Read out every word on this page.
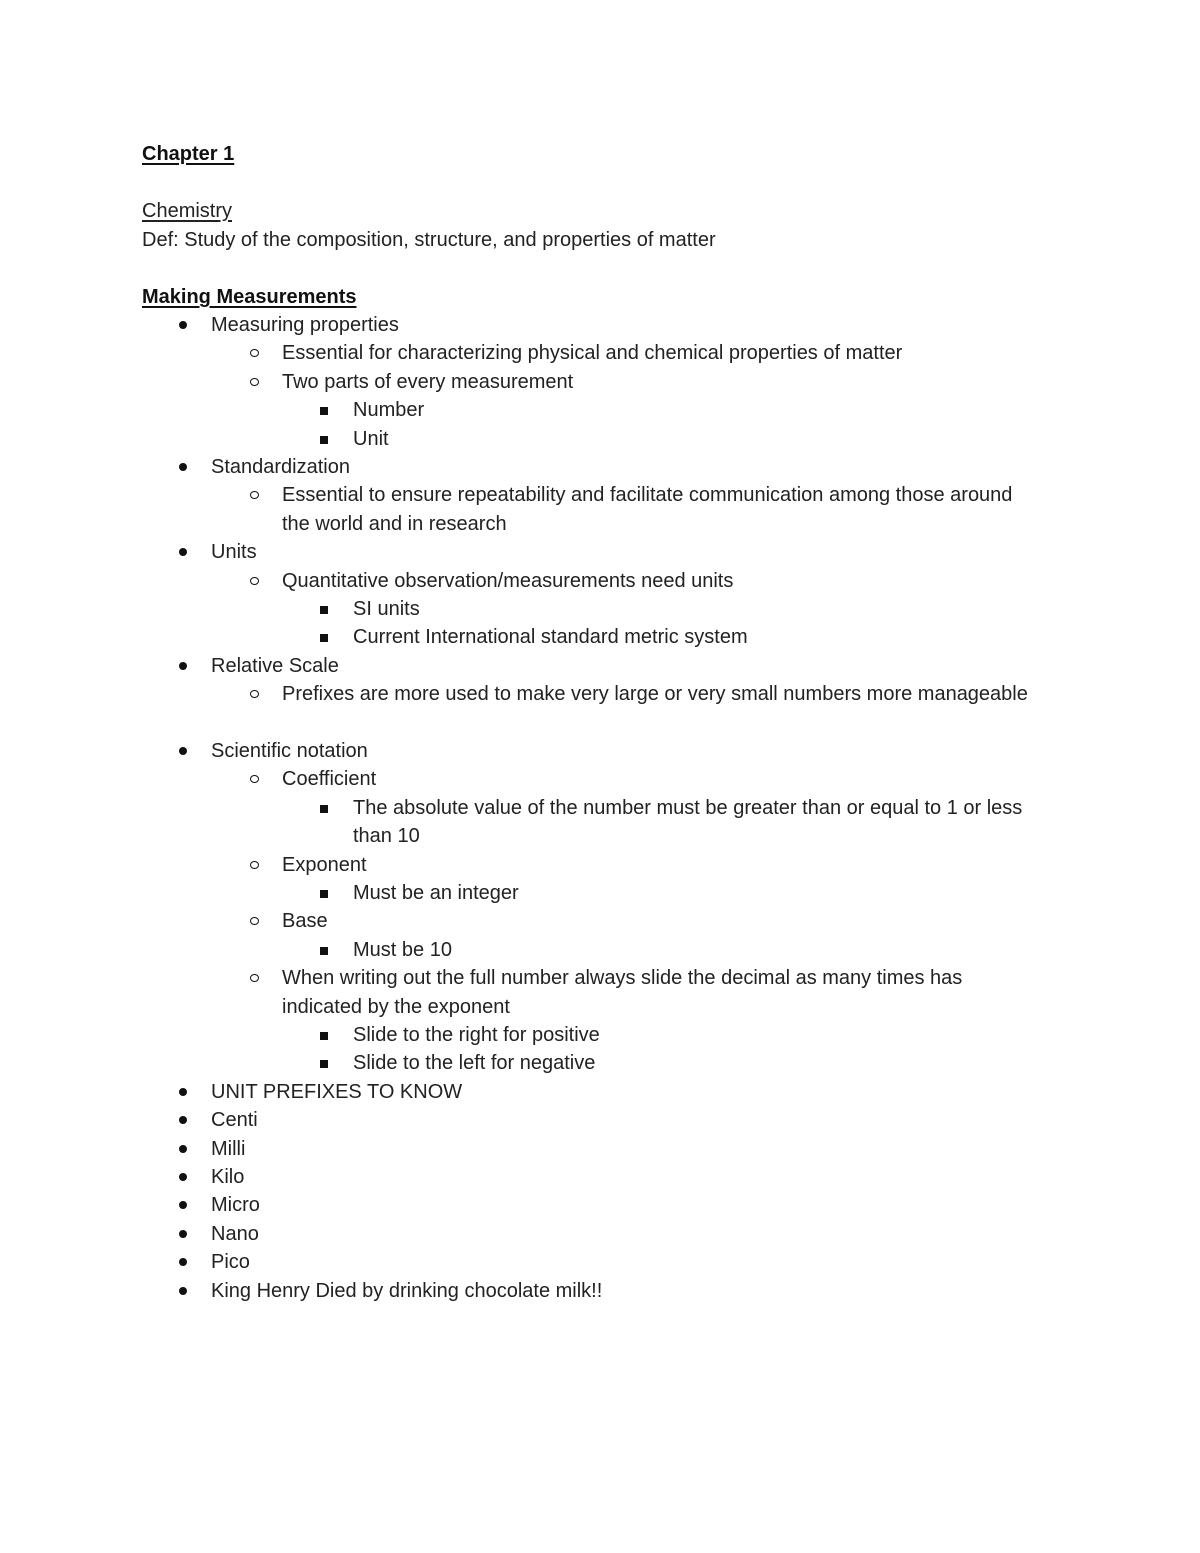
Chapter 1
Chemistry
Def: Study of the composition, structure, and properties of matter
Making Measurements
Measuring properties
Essential for characterizing physical and chemical properties of matter
Two parts of every measurement
Number
Unit
Standardization
Essential to ensure repeatability and facilitate communication among those around the world and in research
Units
Quantitative observation/measurements need units
SI units
Current International standard metric system
Relative Scale
Prefixes are more used to make very large or very small numbers more manageable
Scientific notation
Coefficient
The absolute value of the number must be greater than or equal to 1 or less than 10
Exponent
Must be an integer
Base
Must be 10
When writing out the full number always slide the decimal as many times has indicated by the exponent
Slide to the right for positive
Slide to the left for negative
UNIT PREFIXES TO KNOW
Centi
Milli
Kilo
Micro
Nano
Pico
King Henry Died by drinking chocolate milk!!
